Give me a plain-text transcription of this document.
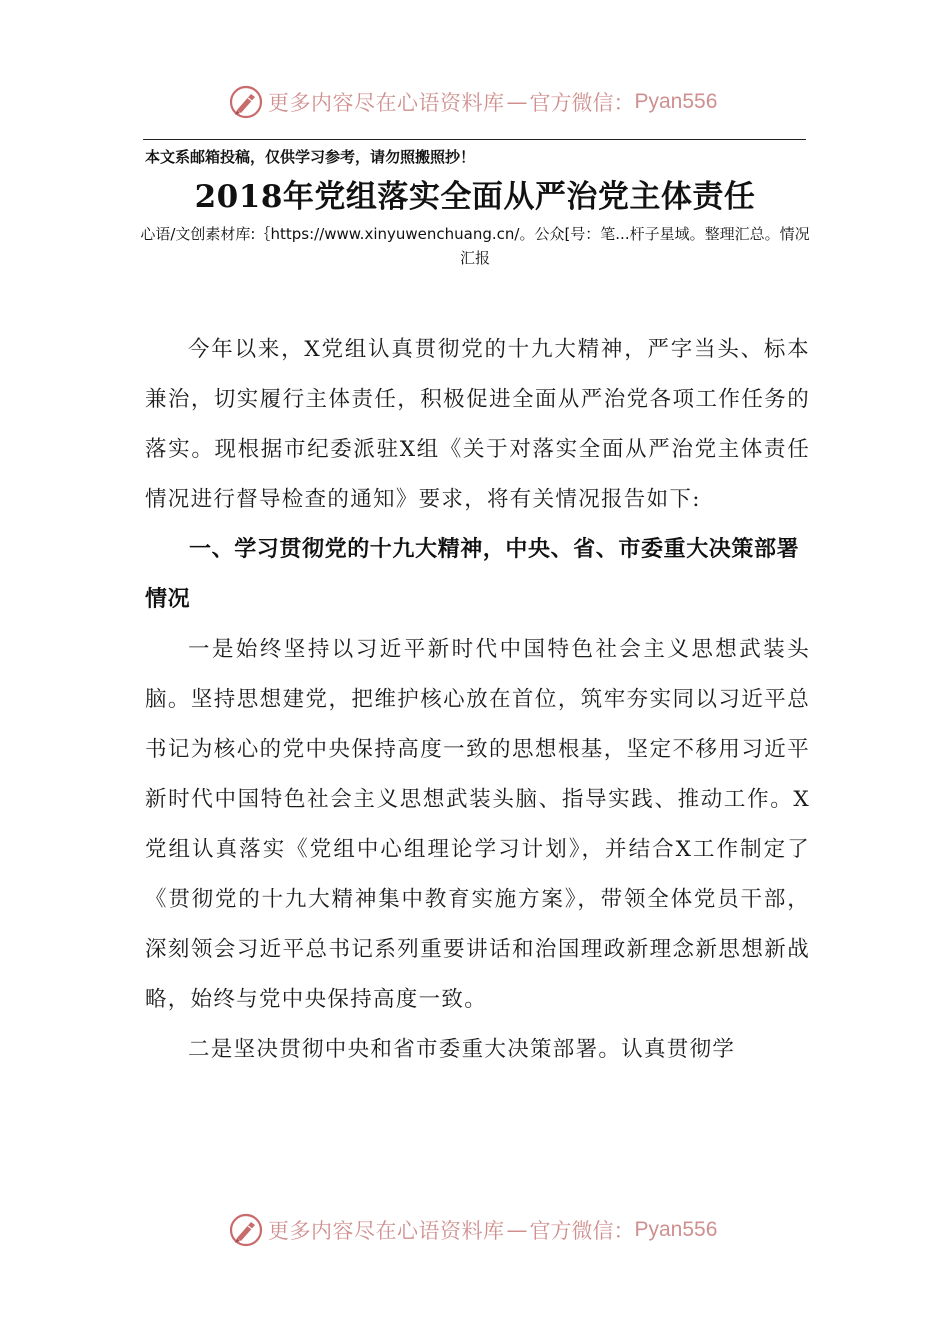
更多内容尽在心语资料库 — 官方微信： Pyan556
本文系邮箱投稿，仅供学习参考，请勿照搬照抄！
2018年党组落实全面从严治党主体责任
心语/文创素材库:｛https://www.xinyuwenchuang.cn/。公众[号：笔...杆子星域。整理汇总。情况汇报

今年以来，X党组认真贯彻党的十九大精神，严字当头、标本兼治，切实履行主体责任，积极促进全面从严治党各项工作任务的落实。现根据市纪委派驻X组《关于对落实全面从严治党主体责任情况进行督导检查的通知》要求，将有关情况报告如下:

一、学习贯彻党的十九大精神，中央、省、市委重大决策部署情况

一是始终坚持以习近平新时代中国特色社会主义思想武装头脑。坚持思想建党，把维护核心放在首位，筑牢夯实同以习近平总书记为核心的党中央保持高度一致的思想根基，坚定不移用习近平新时代中国特色社会主义思想武装头脑、指导实践、推动工作。X党组认真落实《党组中心组理论学习计划》，并结合X工作制定了《贯彻党的十九大精神集中教育实施方案》，带领全体党员干部，深刻领会习近平总书记系列重要讲话和治国理政新理念新思想新战略，始终与党中央保持高度一致。

二是坚决贯彻中央和省市委重大决策部署。认真贯彻学

更多内容尽在心语资料库 — 官方微信： Pyan556
